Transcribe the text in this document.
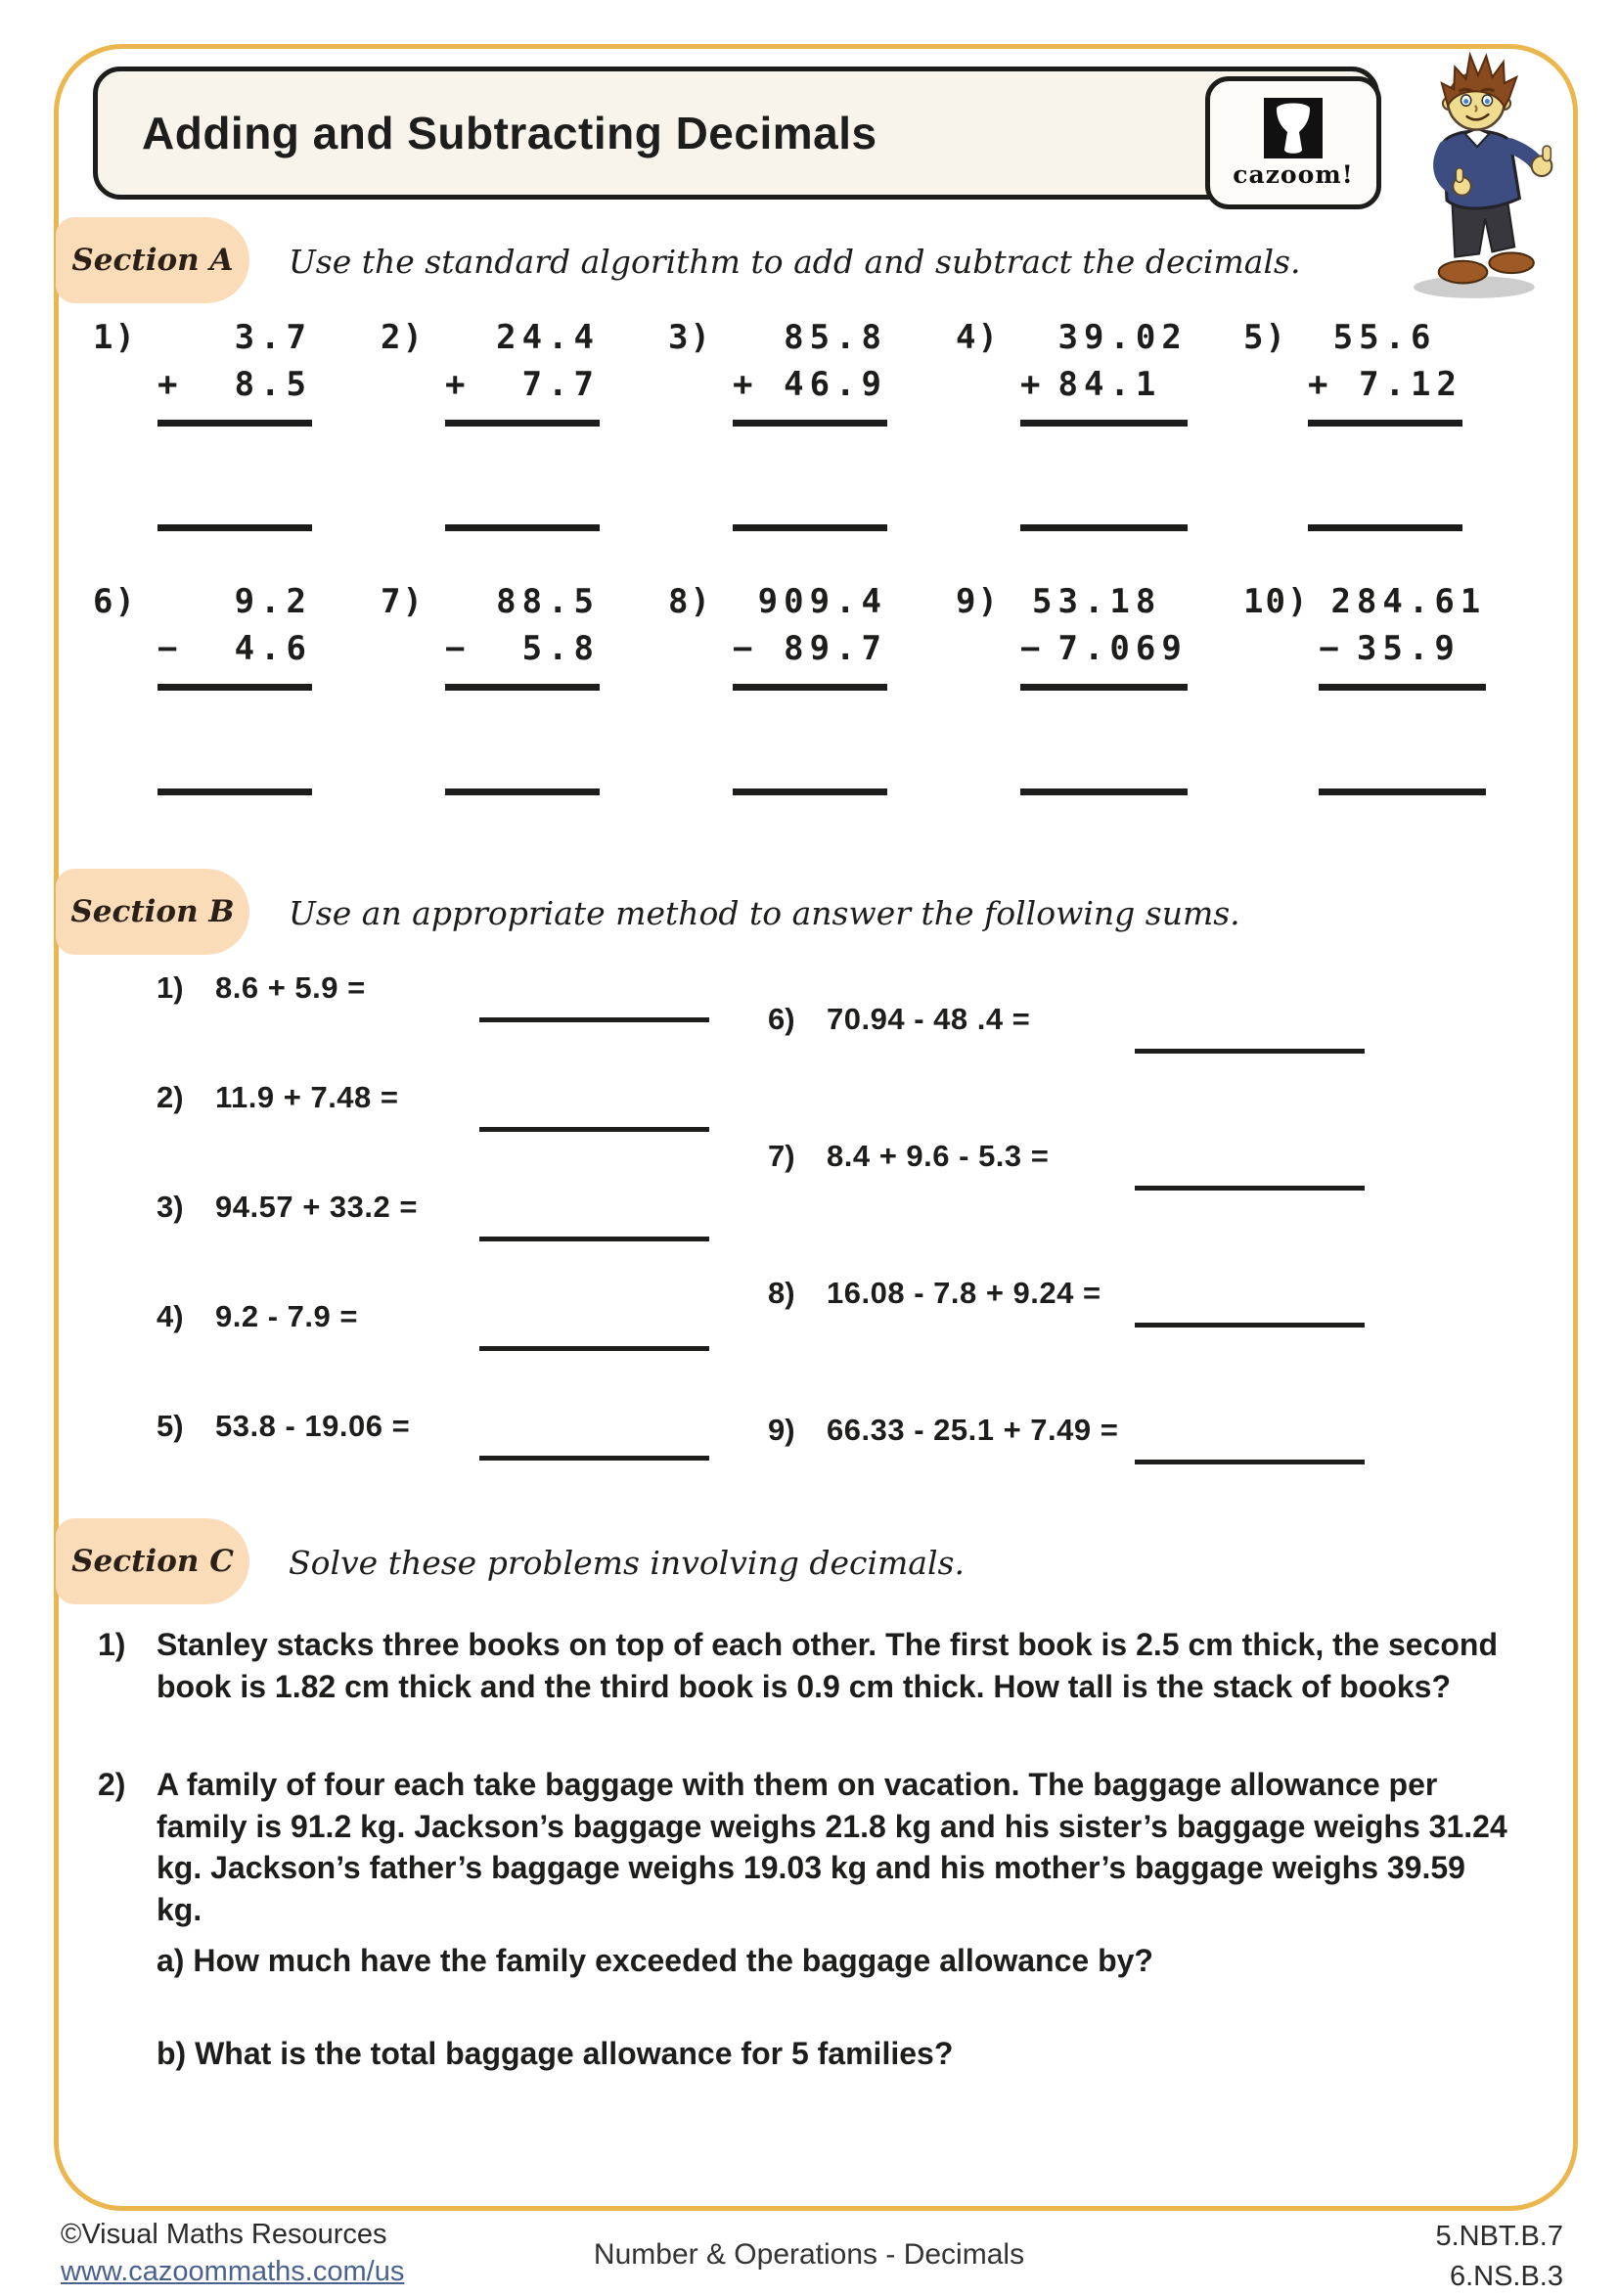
Adding and Subtracting Decimals
cazoom!
Section A Use the standard algorithm to add and subtract the decimals.
1)	3.7
+ 8.5
2)	24.4
+ 7.7
3)	85.8
+ 46.9
4)	39.02
+ 84.1
5)	55.6
+ 7.12
6)	9.2
− 4.6
7)	88.5
− 5.8
8)	909.4
− 89.7
9) 53.18
− 7.069
10) 284.61
− 35.9
Section B Use an appropriate method to answer the following sums.
1) 8.6 + 5.9 =
2) 11.9 + 7.48 =
3) 94.57 + 33.2 =
4) 9.2 - 7.9 =
5) 53.8 - 19.06 =
6) 70.94 - 48 .4 =
7) 8.4 + 9.6 - 5.3 =
8) 16.08 - 7.8 + 9.24 =
9) 66.33 - 25.1 + 7.49 =
Section C Solve these problems involving decimals.
1) Stanley stacks three books on top of each other. The first book is 2.5 cm thick, the second book is 1.82 cm thick and the third book is 0.9 cm thick. How tall is the stack of books?
2) A family of four each take baggage with them on vacation. The baggage allowance per family is 91.2 kg. Jackson’s baggage weighs 21.8 kg and his sister’s baggage weighs 31.24 kg. Jackson’s father’s baggage weighs 19.03 kg and his mother’s baggage weighs 39.59 kg.
a) How much have the family exceeded the baggage allowance by?
b) What is the total baggage allowance for 5 families?
©Visual Maths Resources
www.cazoommaths.com/us
Number & Operations - Decimals
5.NBT.B.7
6.NS.B.3
